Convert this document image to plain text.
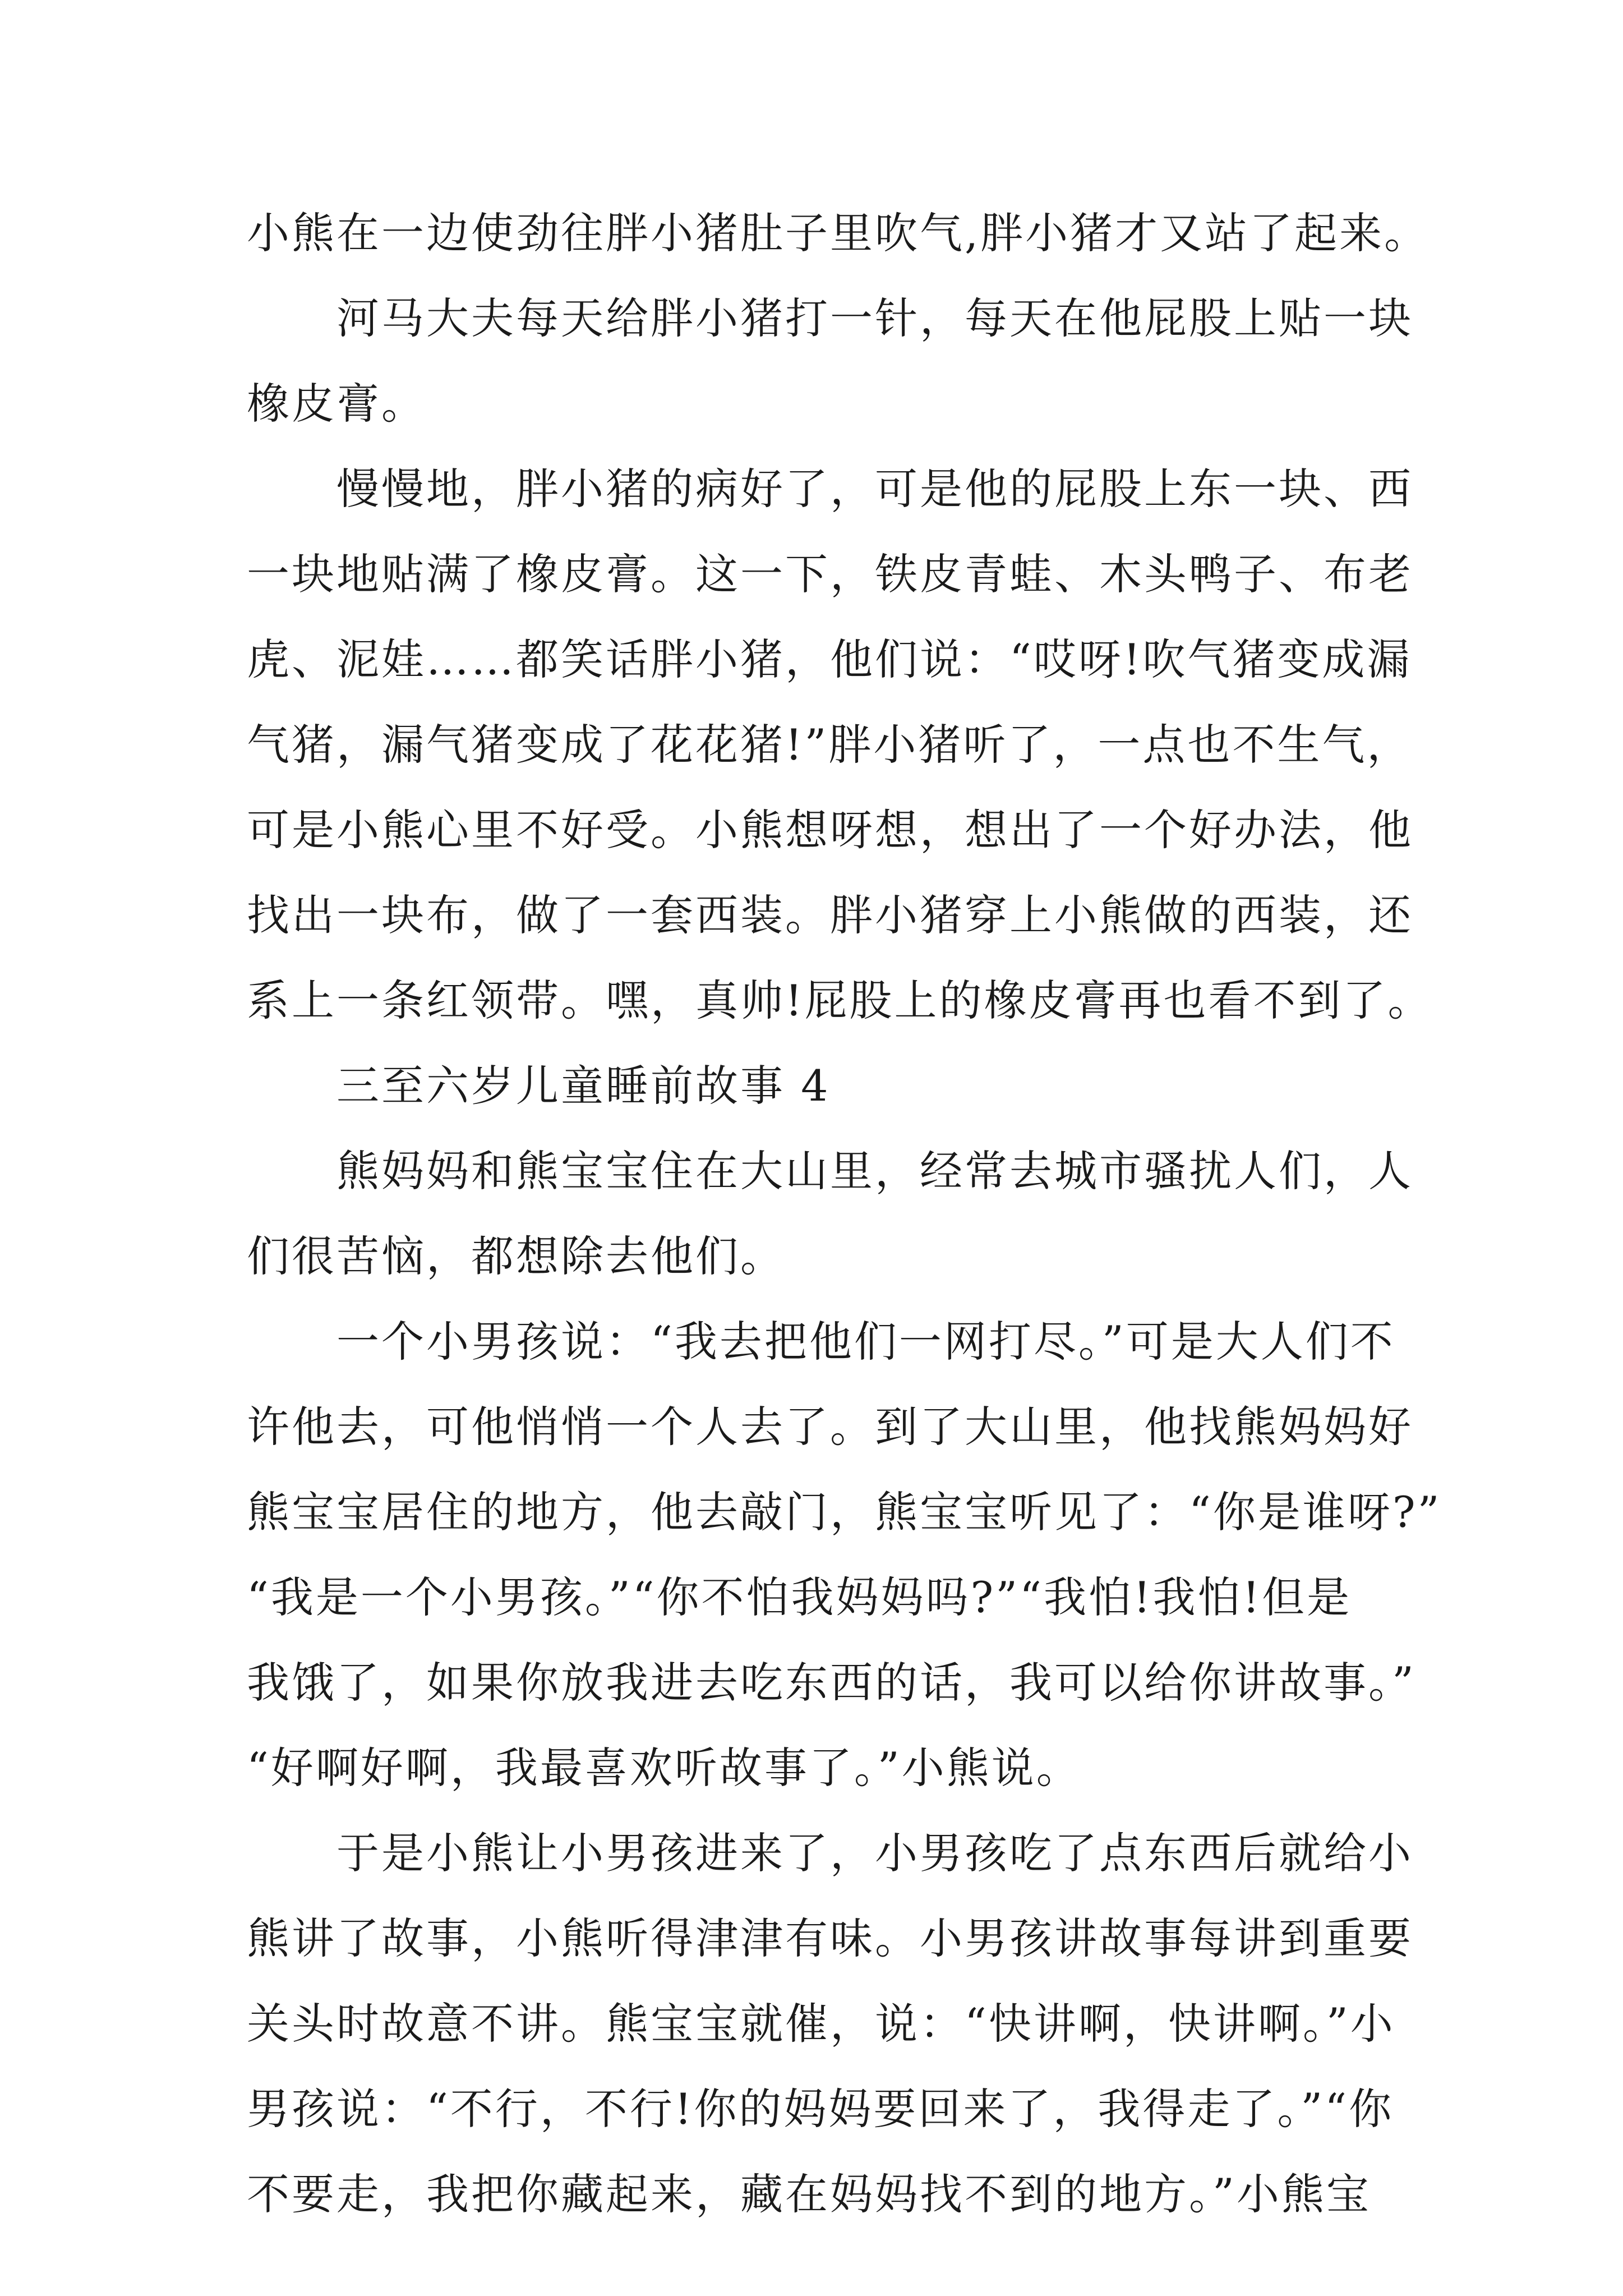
小熊在一边使劲往胖小猪肚子里吹气,胖小猪才又站了起来。
河马大夫每天给胖小猪打一针，每天在他屁股上贴一块
橡皮膏。
慢慢地，胖小猪的病好了，可是他的屁股上东一块、西
一块地贴满了橡皮膏。这一下，铁皮青蛙、木头鸭子、布老
虎、泥娃……都笑话胖小猪，他们说：“哎呀!吹气猪变成漏
气猪，漏气猪变成了花花猪!”胖小猪听了，一点也不生气，
可是小熊心里不好受。小熊想呀想，想出了一个好办法，他
找出一块布，做了一套西装。胖小猪穿上小熊做的西装，还
系上一条红领带。嘿，真帅!屁股上的橡皮膏再也看不到了。
三至六岁儿童睡前故事 4
熊妈妈和熊宝宝住在大山里，经常去城市骚扰人们，人
们很苦恼，都想除去他们。
一个小男孩说：“我去把他们一网打尽。”可是大人们不
许他去，可他悄悄一个人去了。到了大山里，他找熊妈妈好
熊宝宝居住的地方，他去敲门，熊宝宝听见了：“你是谁呀?”
“我是一个小男孩。”“你不怕我妈妈吗?”“我怕!我怕!但是
我饿了，如果你放我进去吃东西的话，我可以给你讲故事。”
“好啊好啊，我最喜欢听故事了。”小熊说。
于是小熊让小男孩进来了，小男孩吃了点东西后就给小
熊讲了故事，小熊听得津津有味。小男孩讲故事每讲到重要
关头时故意不讲。熊宝宝就催，说：“快讲啊，快讲啊。”小
男孩说：“不行，不行!你的妈妈要回来了，我得走了。”“你
不要走，我把你藏起来，藏在妈妈找不到的地方。”小熊宝
